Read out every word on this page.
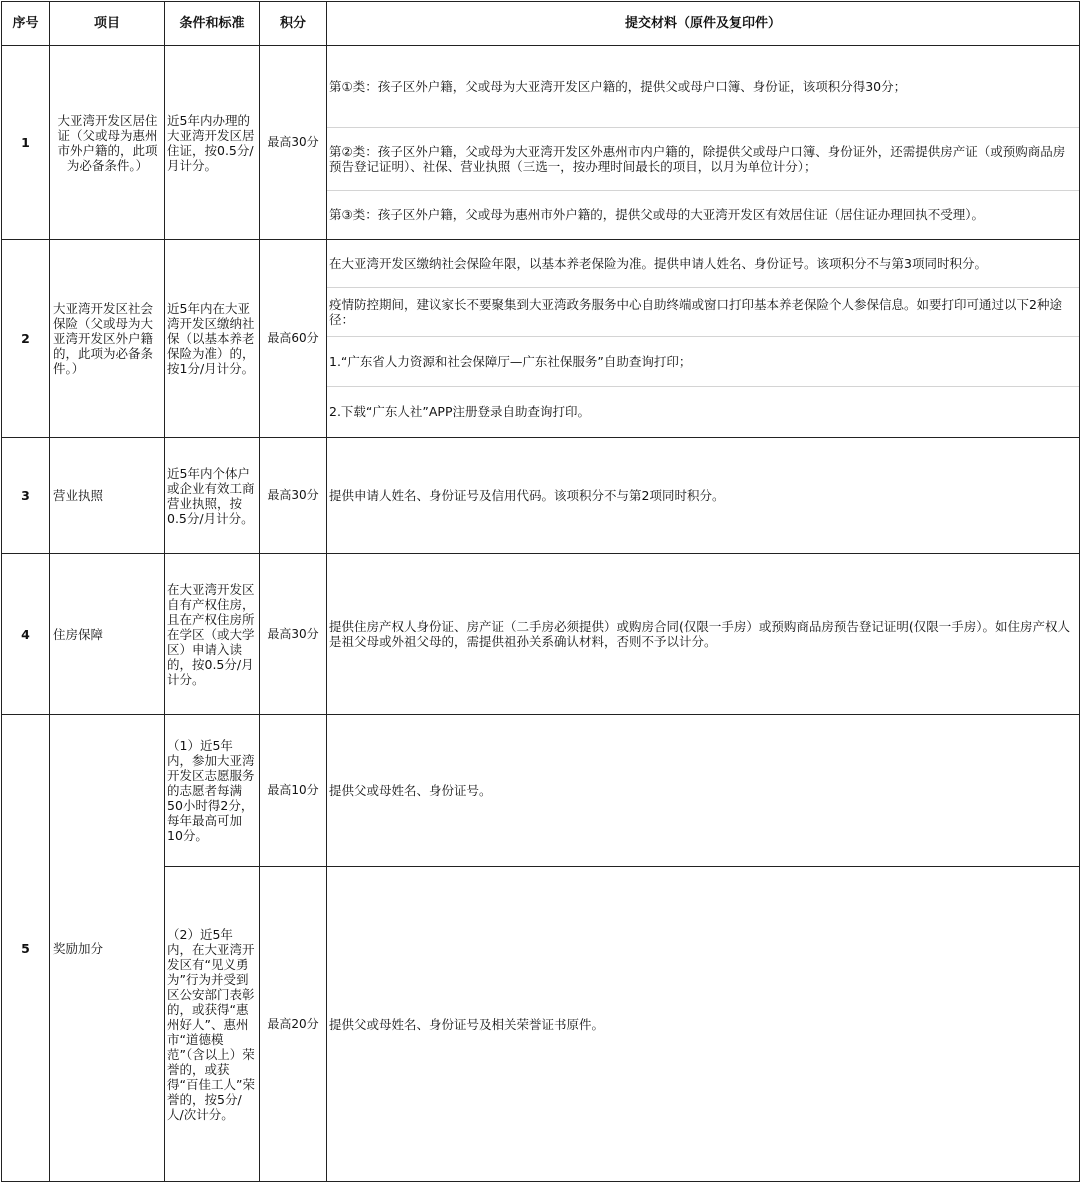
序号	项目	条件和标准	积分	提交材料（原件及复印件）
1	大亚湾开发区居住证（父或母为惠州市外户籍的，此项为必备条件。）	近5年内办理的大亚湾开发区居住证，按0.5分/月计分。	最高30分	第①类：孩子区外户籍，父或母为大亚湾开发区户籍的，提供父或母户口簿、身份证，该项积分得30分；
第②类：孩子区外户籍，父或母为大亚湾开发区外惠州市内户籍的，除提供父或母户口簿、身份证外，还需提供房产证（或预购商品房预告登记证明）、社保、营业执照（三选一，按办理时间最长的项目，以月为单位计分）；
第③类：孩子区外户籍，父或母为惠州市外户籍的，提供父或母的大亚湾开发区有效居住证（居住证办理回执不受理）。

2	大亚湾开发区社会保险（父或母为大亚湾开发区外户籍的，此项为必备条件。）	近5年内在大亚湾开发区缴纳社保（以基本养老保险为准）的，按1分/月计分。	最高60分	在大亚湾开发区缴纳社会保险年限，以基本养老保险为准。提供申请人姓名、身份证号。该项积分不与第3项同时积分。
疫情防控期间，建议家长不要聚集到大亚湾政务服务中心自助终端或窗口打印基本养老保险个人参保信息。如要打印可通过以下2种途径：
1.“广东省人力资源和社会保障厅—广东社保服务”自助查询打印；
2.下载“广东人社”APP注册登录自助查询打印。

3	营业执照	近5年内个体户或企业有效工商营业执照，按0.5分/月计分。	最高30分	提供申请人姓名、身份证号及信用代码。该项积分不与第2项同时积分。
4	住房保障	在大亚湾开发区自有产权住房，且在产权住房所在学区（或大学区）申请入读的，按0.5分/月计分。	最高30分	提供住房产权人身份证、房产证（二手房必须提供）或购房合同(仅限一手房）或预购商品房预告登记证明(仅限一手房）。如住房产权人是祖父母或外祖父母的，需提供祖孙关系确认材料，否则不予以计分。
5	奖励加分	（1）近5年内，参加大亚湾开发区志愿服务的志愿者每满50小时得2分，每年最高可加10分。	最高10分	提供父或母姓名、身份证号。
		（2）近5年内，在大亚湾开发区有“见义勇为”行为并受到区公安部门表彰的，或获得“惠州好人”、惠州市“道德模范”（含以上）荣誉的，或获得“百佳工人”荣誉的，按5分/人/次计分。	最高20分	提供父或母姓名、身份证号及相关荣誉证书原件。
